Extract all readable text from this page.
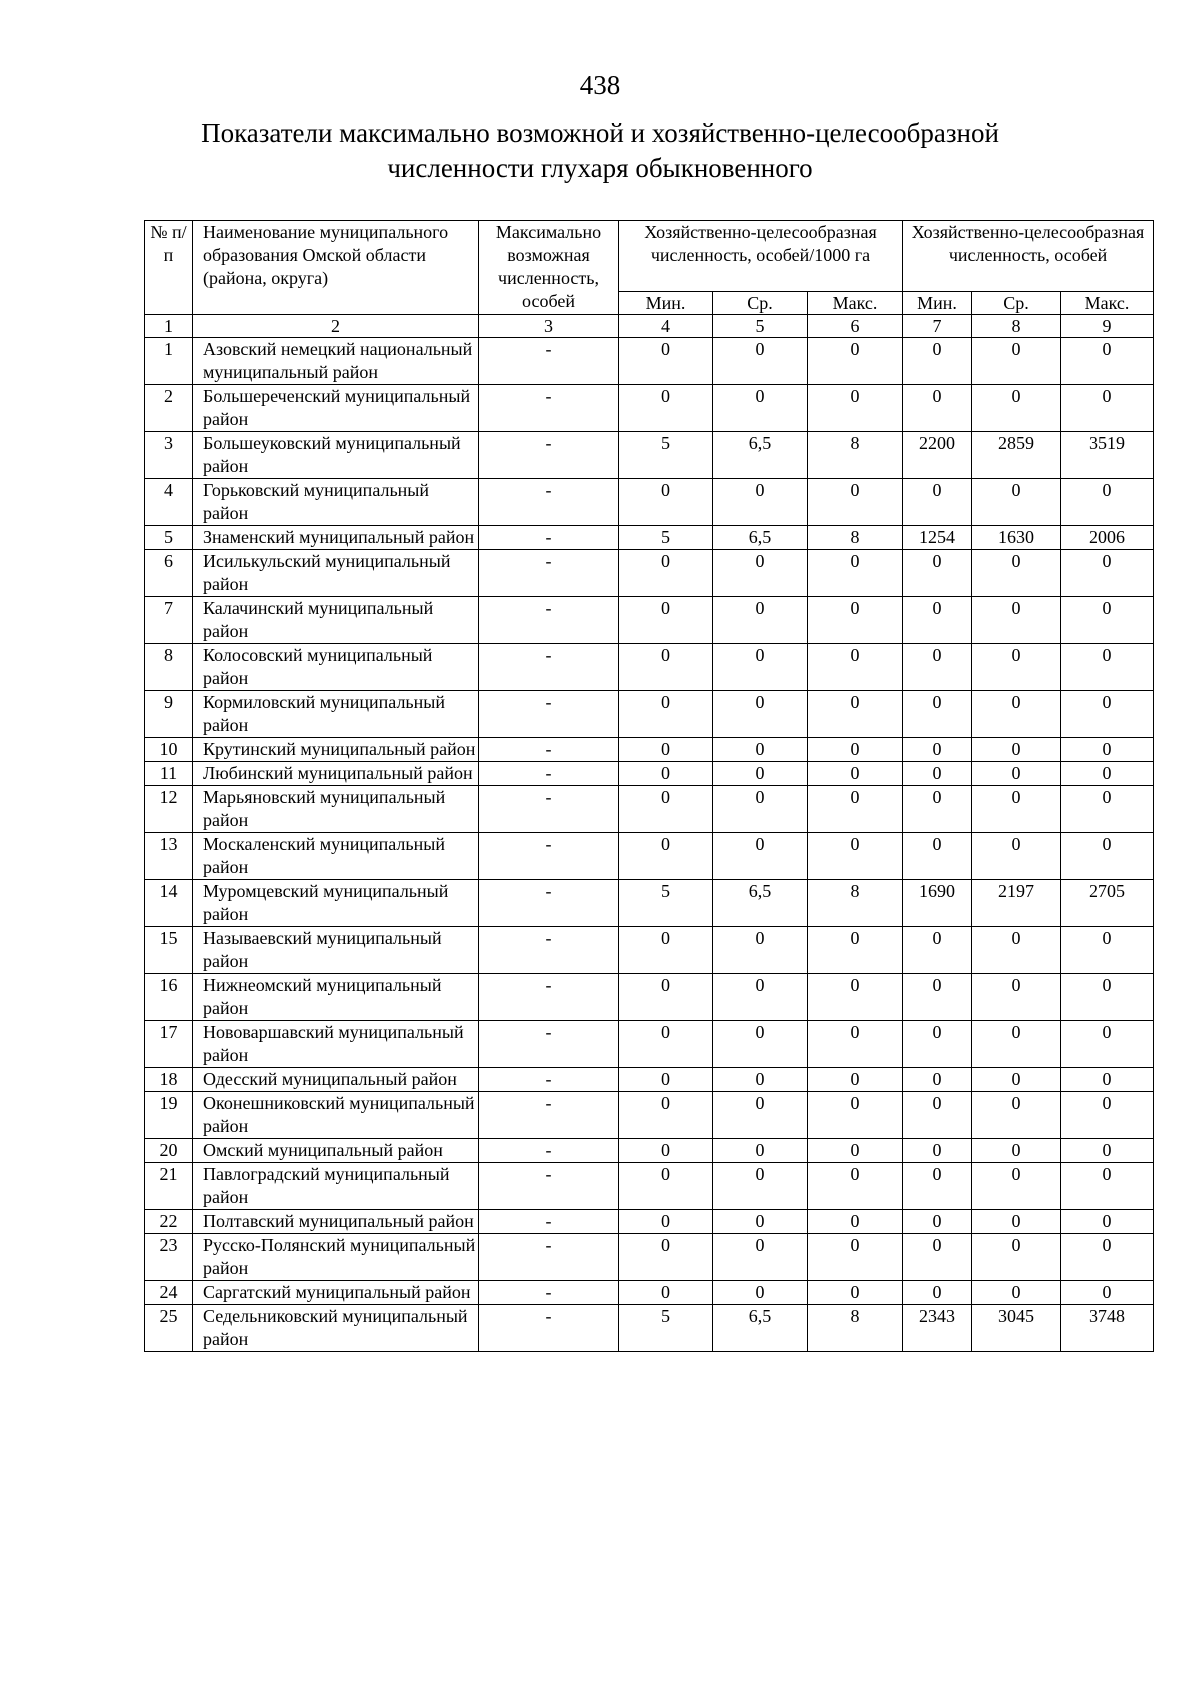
438
Показатели максимально возможной и хозяйственно-целесообразной
численности глухаря обыкновенного
№ п/п	Наименование муниципального образования Омской области (района, округа)	Максимально возможная численность, особей	Хозяйственно-целесообразная численность, особей/1000 га			Хозяйственно-целесообразная численность, особей		
			Мин.	Ср.	Макс.	Мин.	Ср.	Макс.
1	2	3	4	5	6	7	8	9
1	Азовский немецкий национальный муниципальный район	-	0	0	0	0	0	0
2	Большереченский муниципальный район	-	0	0	0	0	0	0
3	Большеуковский муниципальный район	-	5	6,5	8	2200	2859	3519
4	Горьковский муниципальный район	-	0	0	0	0	0	0
5	Знаменский муниципальный район	-	5	6,5	8	1254	1630	2006
6	Исилькульский муниципальный район	-	0	0	0	0	0	0
7	Калачинский муниципальный район	-	0	0	0	0	0	0
8	Колосовский муниципальный район	-	0	0	0	0	0	0
9	Кормиловский муниципальный район	-	0	0	0	0	0	0
10	Крутинский муниципальный район	-	0	0	0	0	0	0
11	Любинский муниципальный район	-	0	0	0	0	0	0
12	Марьяновский муниципальный район	-	0	0	0	0	0	0
13	Москаленский муниципальный район	-	0	0	0	0	0	0
14	Муромцевский муниципальный район	-	5	6,5	8	1690	2197	2705
15	Называевский муниципальный район	-	0	0	0	0	0	0
16	Нижнеомский муниципальный район	-	0	0	0	0	0	0
17	Нововаршавский муниципальный район	-	0	0	0	0	0	0
18	Одесский муниципальный район	-	0	0	0	0	0	0
19	Оконешниковский муниципальный район	-	0	0	0	0	0	0
20	Омский муниципальный район	-	0	0	0	0	0	0
21	Павлоградский муниципальный район	-	0	0	0	0	0	0
22	Полтавский муниципальный район	-	0	0	0	0	0	0
23	Русско-Полянский муниципальный район	-	0	0	0	0	0	0
24	Саргатский муниципальный район	-	0	0	0	0	0	0
25	Седельниковский муниципальный район	-	5	6,5	8	2343	3045	3748
